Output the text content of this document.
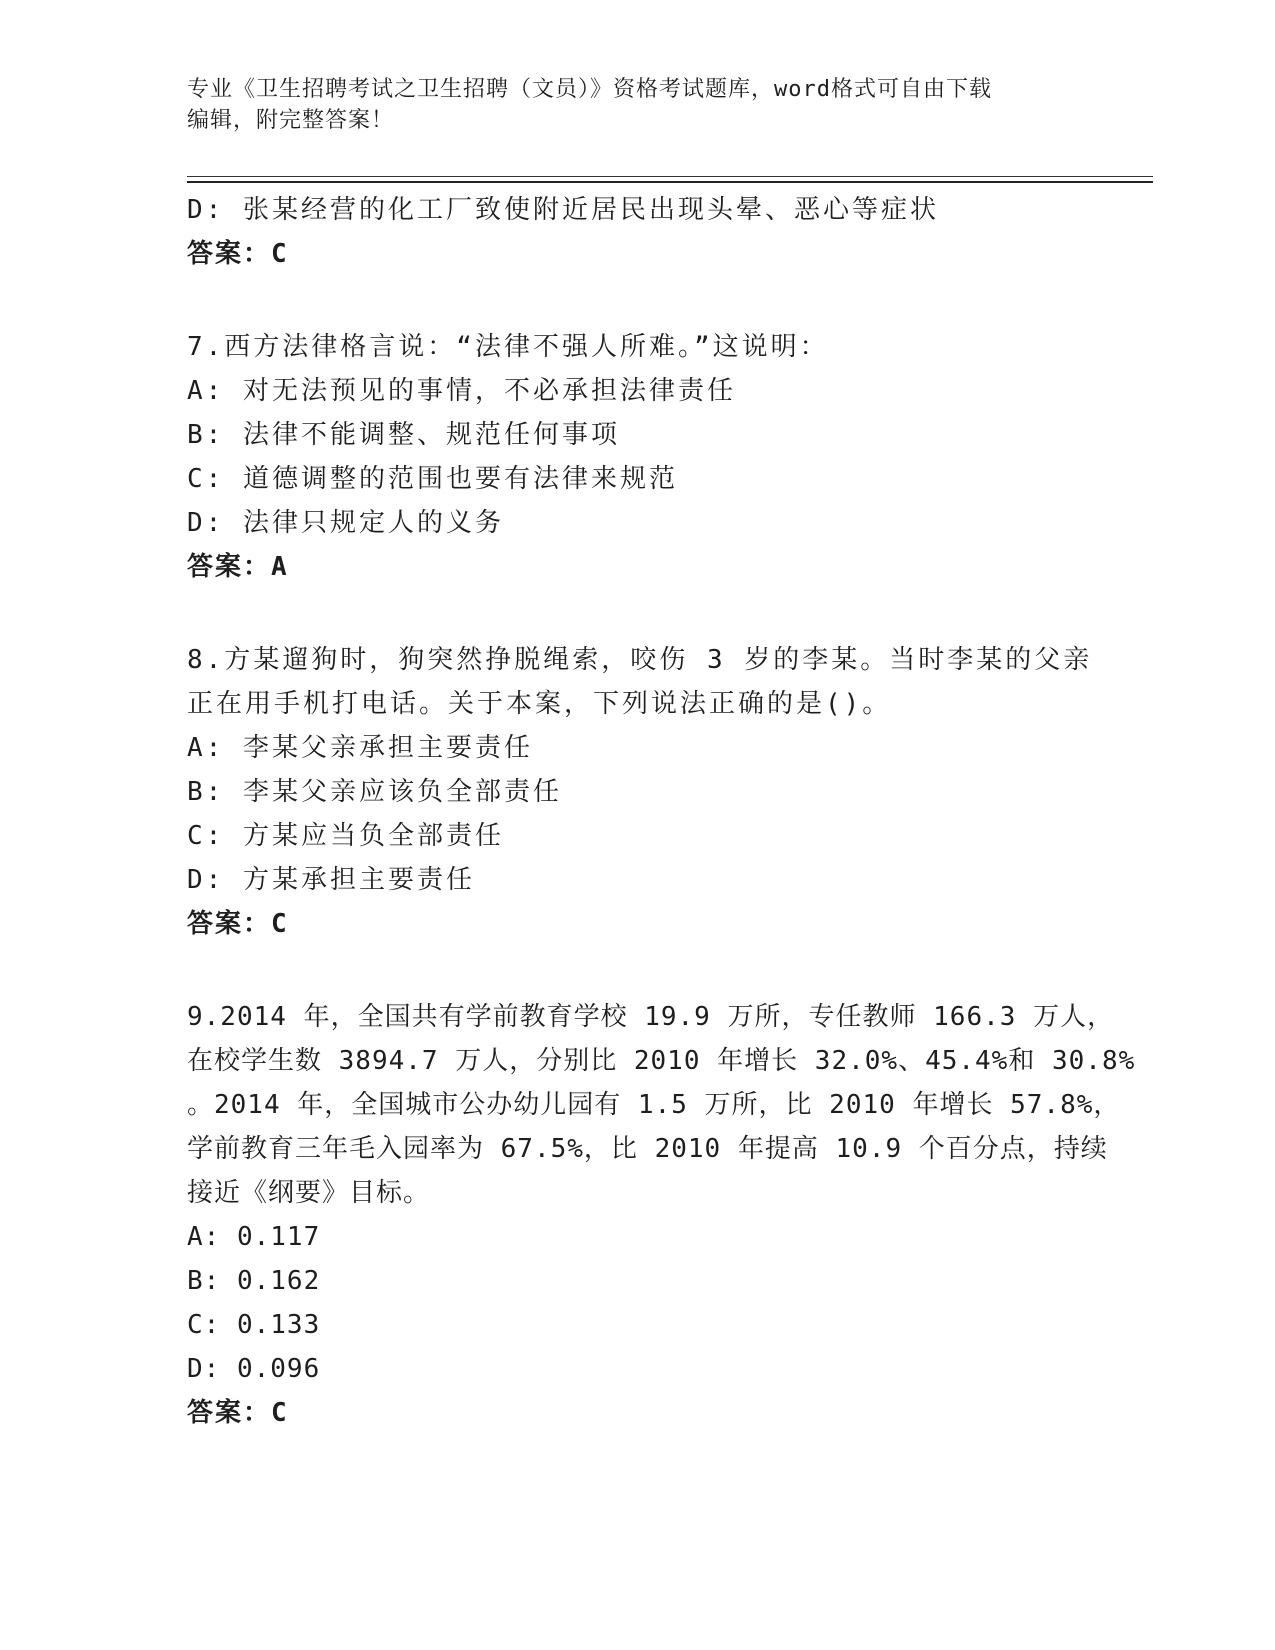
专业《卫生招聘考试之卫生招聘（文员）》资格考试题库，word格式可自由下载
编辑，附完整答案！
D: 张某经营的化工厂致使附近居民出现头晕、恶心等症状
答案：C
7.西方法律格言说：“法律不强人所难。”这说明：
A: 对无法预见的事情，不必承担法律责任
B: 法律不能调整、规范任何事项
C: 道德调整的范围也要有法律来规范
D: 法律只规定人的义务
答案：A
8.方某遛狗时，狗突然挣脱绳索，咬伤 3 岁的李某。当时李某的父亲
正在用手机打电话。关于本案，下列说法正确的是()。
A: 李某父亲承担主要责任
B: 李某父亲应该负全部责任
C: 方某应当负全部责任
D: 方某承担主要责任
答案：C
9.2014 年，全国共有学前教育学校 19.9 万所，专任教师 166.3 万人，
在校学生数 3894.7 万人，分别比 2010 年增长 32.0%、45.4%和 30.8%
。2014 年，全国城市公办幼儿园有 1.5 万所，比 2010 年增长 57.8%，
学前教育三年毛入园率为 67.5%，比 2010 年提高 10.9 个百分点，持续
接近《纲要》目标。
A: 0.117
B: 0.162
C: 0.133
D: 0.096
答案：C
